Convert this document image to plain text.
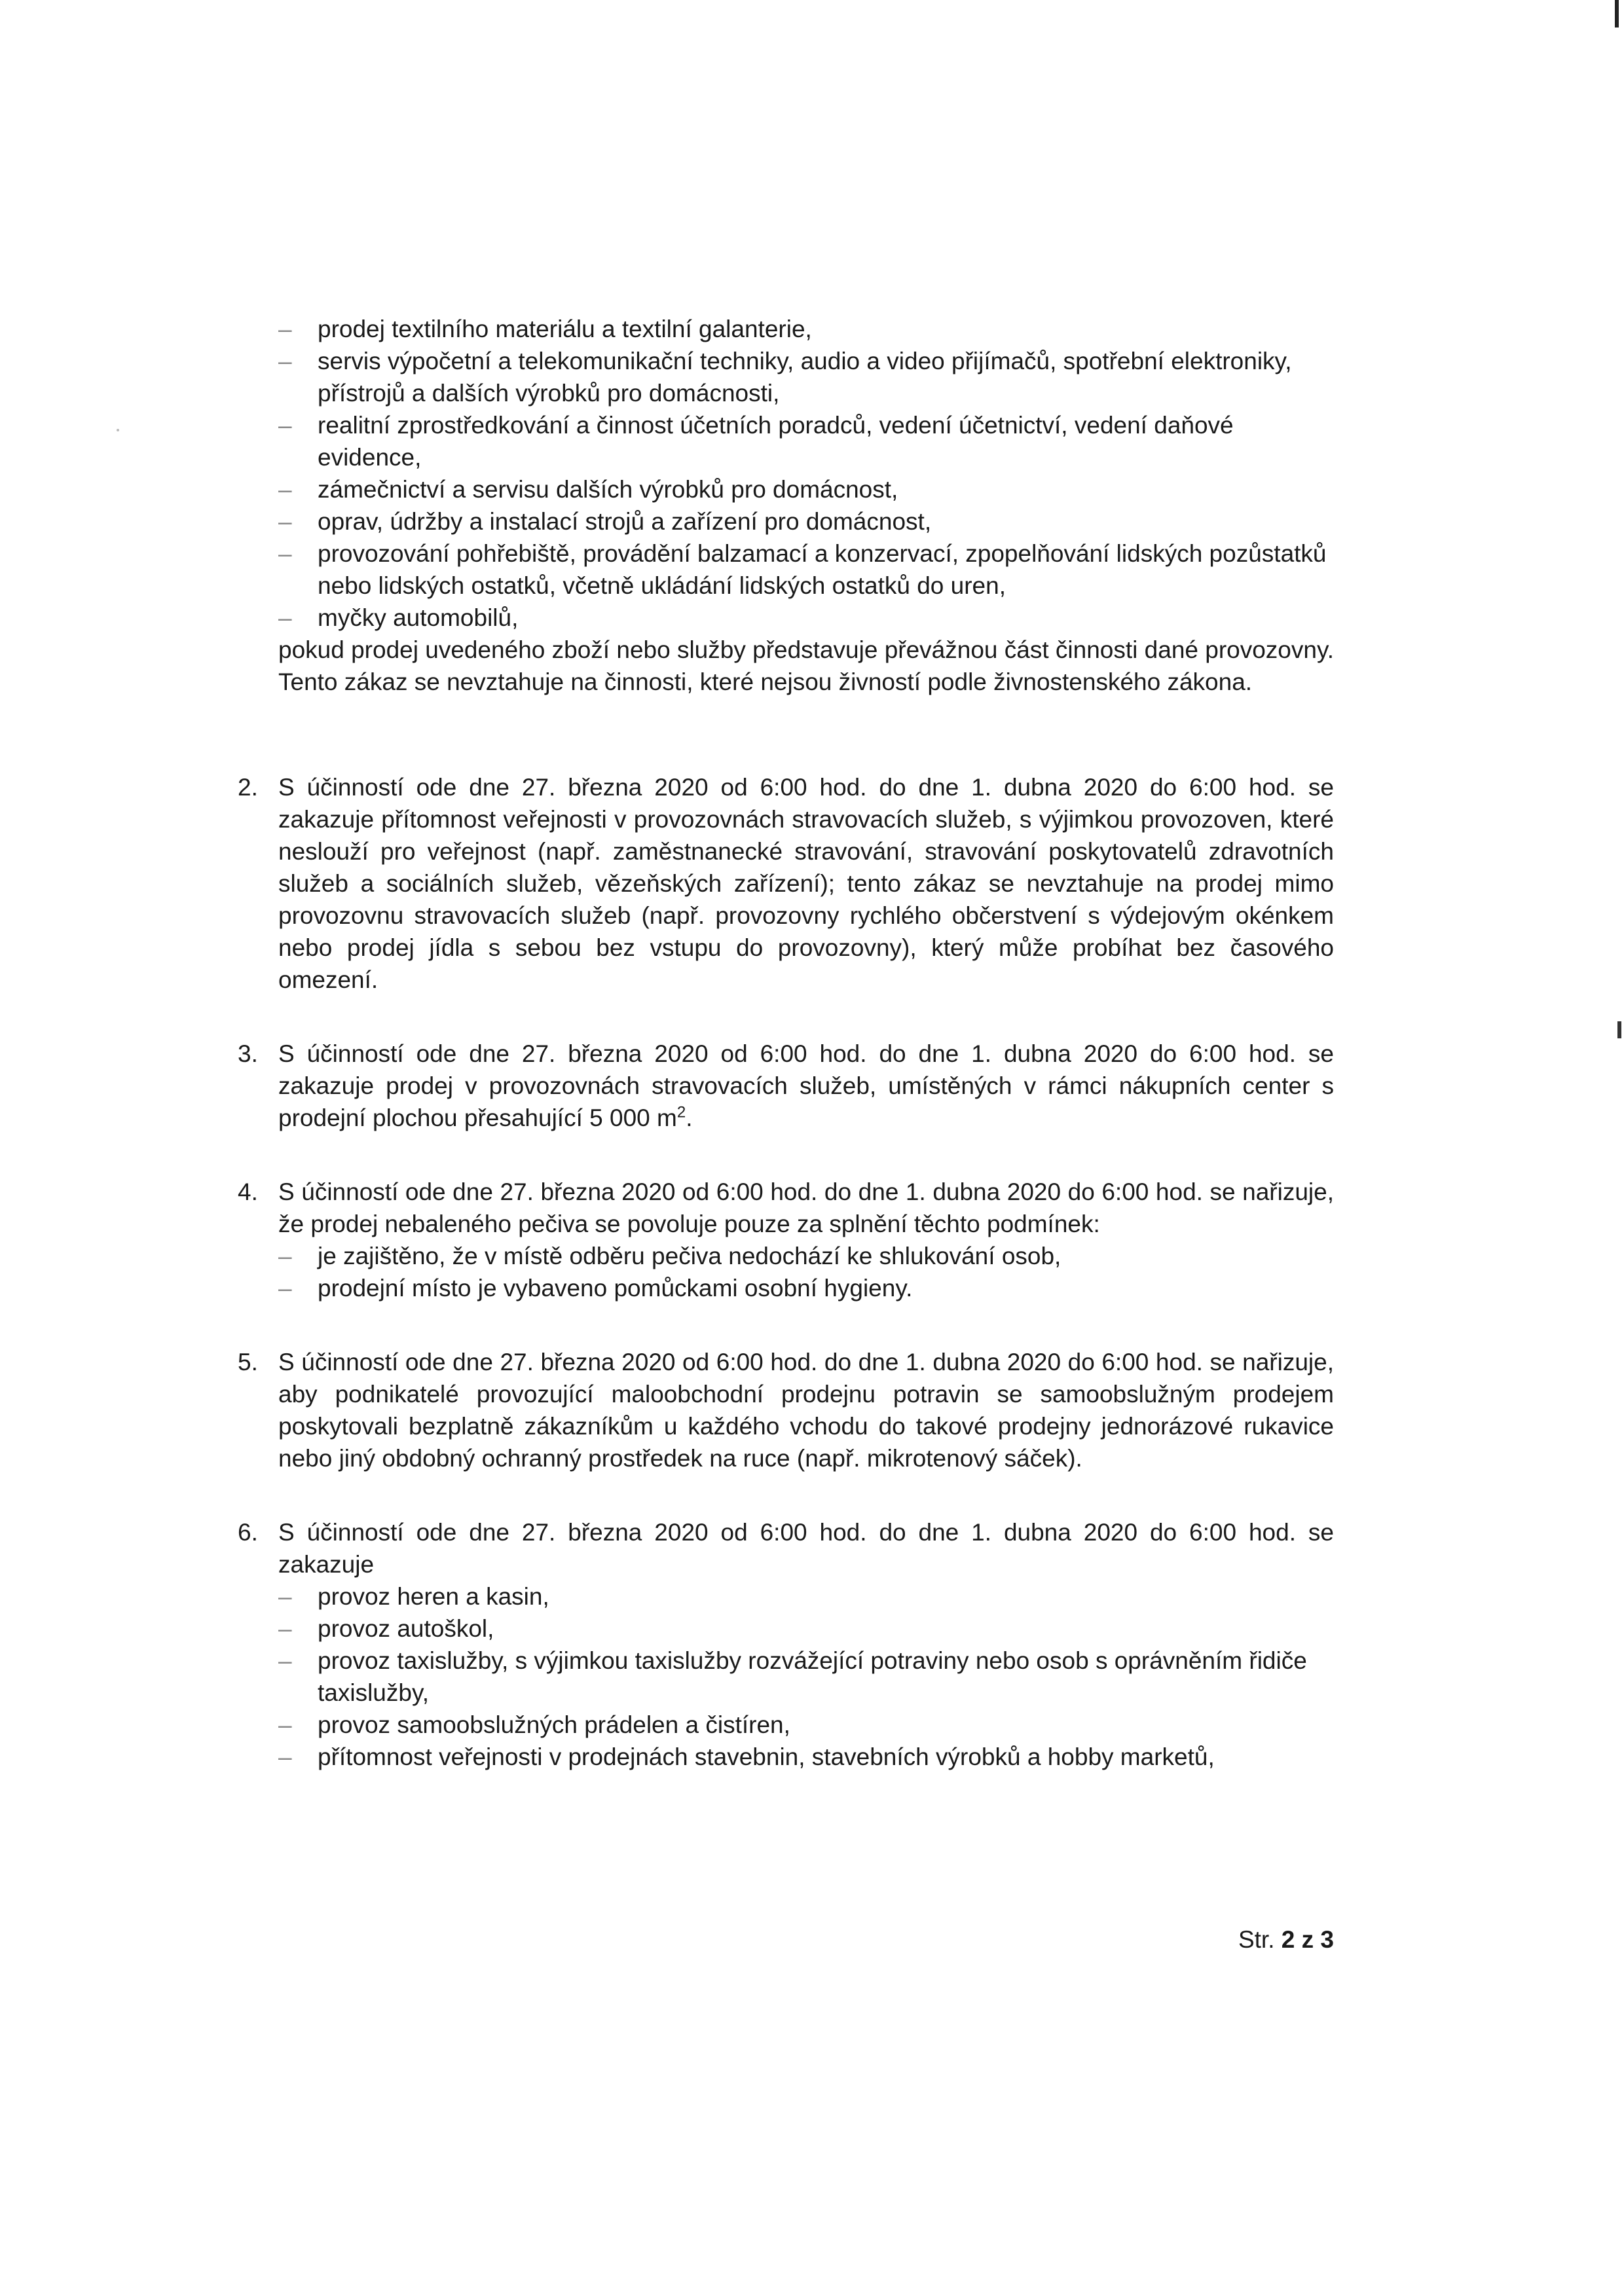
– prodej textilního materiálu a textilní galanterie,
– servis výpočetní a telekomunikační techniky, audio a video přijímačů, spotřební elektroniky, přístrojů a dalších výrobků pro domácnosti,
– realitní zprostředkování a činnost účetních poradců, vedení účetnictví, vedení daňové evidence,
– zámečnictví a servisu dalších výrobků pro domácnost,
– oprav, údržby a instalací strojů a zařízení pro domácnost,
– provozování pohřebiště, provádění balzamací a konzervací, zpopelňování lidských pozůstatků nebo lidských ostatků, včetně ukládání lidských ostatků do uren,
– myčky automobilů,
pokud prodej uvedeného zboží nebo služby představuje převážnou část činnosti dané provozovny. Tento zákaz se nevztahuje na činnosti, které nejsou živností podle živnostenského zákona.
2. S účinností ode dne 27. března 2020 od 6:00 hod. do dne 1. dubna 2020 do 6:00 hod. se zakazuje přítomnost veřejnosti v provozovnách stravovacích služeb, s výjimkou provozoven, které neslouží pro veřejnost (např. zaměstnanecké stravování, stravování poskytovatelů zdravotních služeb a sociálních služeb, vězeňských zařízení); tento zákaz se nevztahuje na prodej mimo provozovnu stravovacích služeb (např. provozovny rychlého občerstvení s výdejovým okénkem nebo prodej jídla s sebou bez vstupu do provozovny), který může probíhat bez časového omezení.
3. S účinností ode dne 27. března 2020 od 6:00 hod. do dne 1. dubna 2020 do 6:00 hod. se zakazuje prodej v provozovnách stravovacích služeb, umístěných v rámci nákupních center s prodejní plochou přesahující 5 000 $m^2$.
4. S účinností ode dne 27. března 2020 od 6:00 hod. do dne 1. dubna 2020 do 6:00 hod. se nařizuje, že prodej nebaleného pečiva se povoluje pouze za splnění těchto podmínek:
– je zajištěno, že v místě odběru pečiva nedochází ke shlukování osob,
– prodejní místo je vybaveno pomůckami osobní hygieny.
5. S účinností ode dne 27. března 2020 od 6:00 hod. do dne 1. dubna 2020 do 6:00 hod. se nařizuje, aby podnikatelé provozující maloobchodní prodejnu potravin se samoobslužným prodejem poskytovali bezplatně zákazníkům u každého vchodu do takové prodejny jednorázové rukavice nebo jiný obdobný ochranný prostředek na ruce (např. mikrotenový sáček).
6. S účinností ode dne 27. března 2020 od 6:00 hod. do dne 1. dubna 2020 do 6:00 hod. se zakazuje
– provoz heren a kasin,
– provoz autoškol,
– provoz taxislužby, s výjimkou taxislužby rozvážející potraviny nebo osob s oprávněním řidiče taxislužby,
– provoz samoobslužných prádelen a čistíren,
– přítomnost veřejnosti v prodejnách stavebnin, stavebních výrobků a hobby marketů,
Str. 2 z 3
